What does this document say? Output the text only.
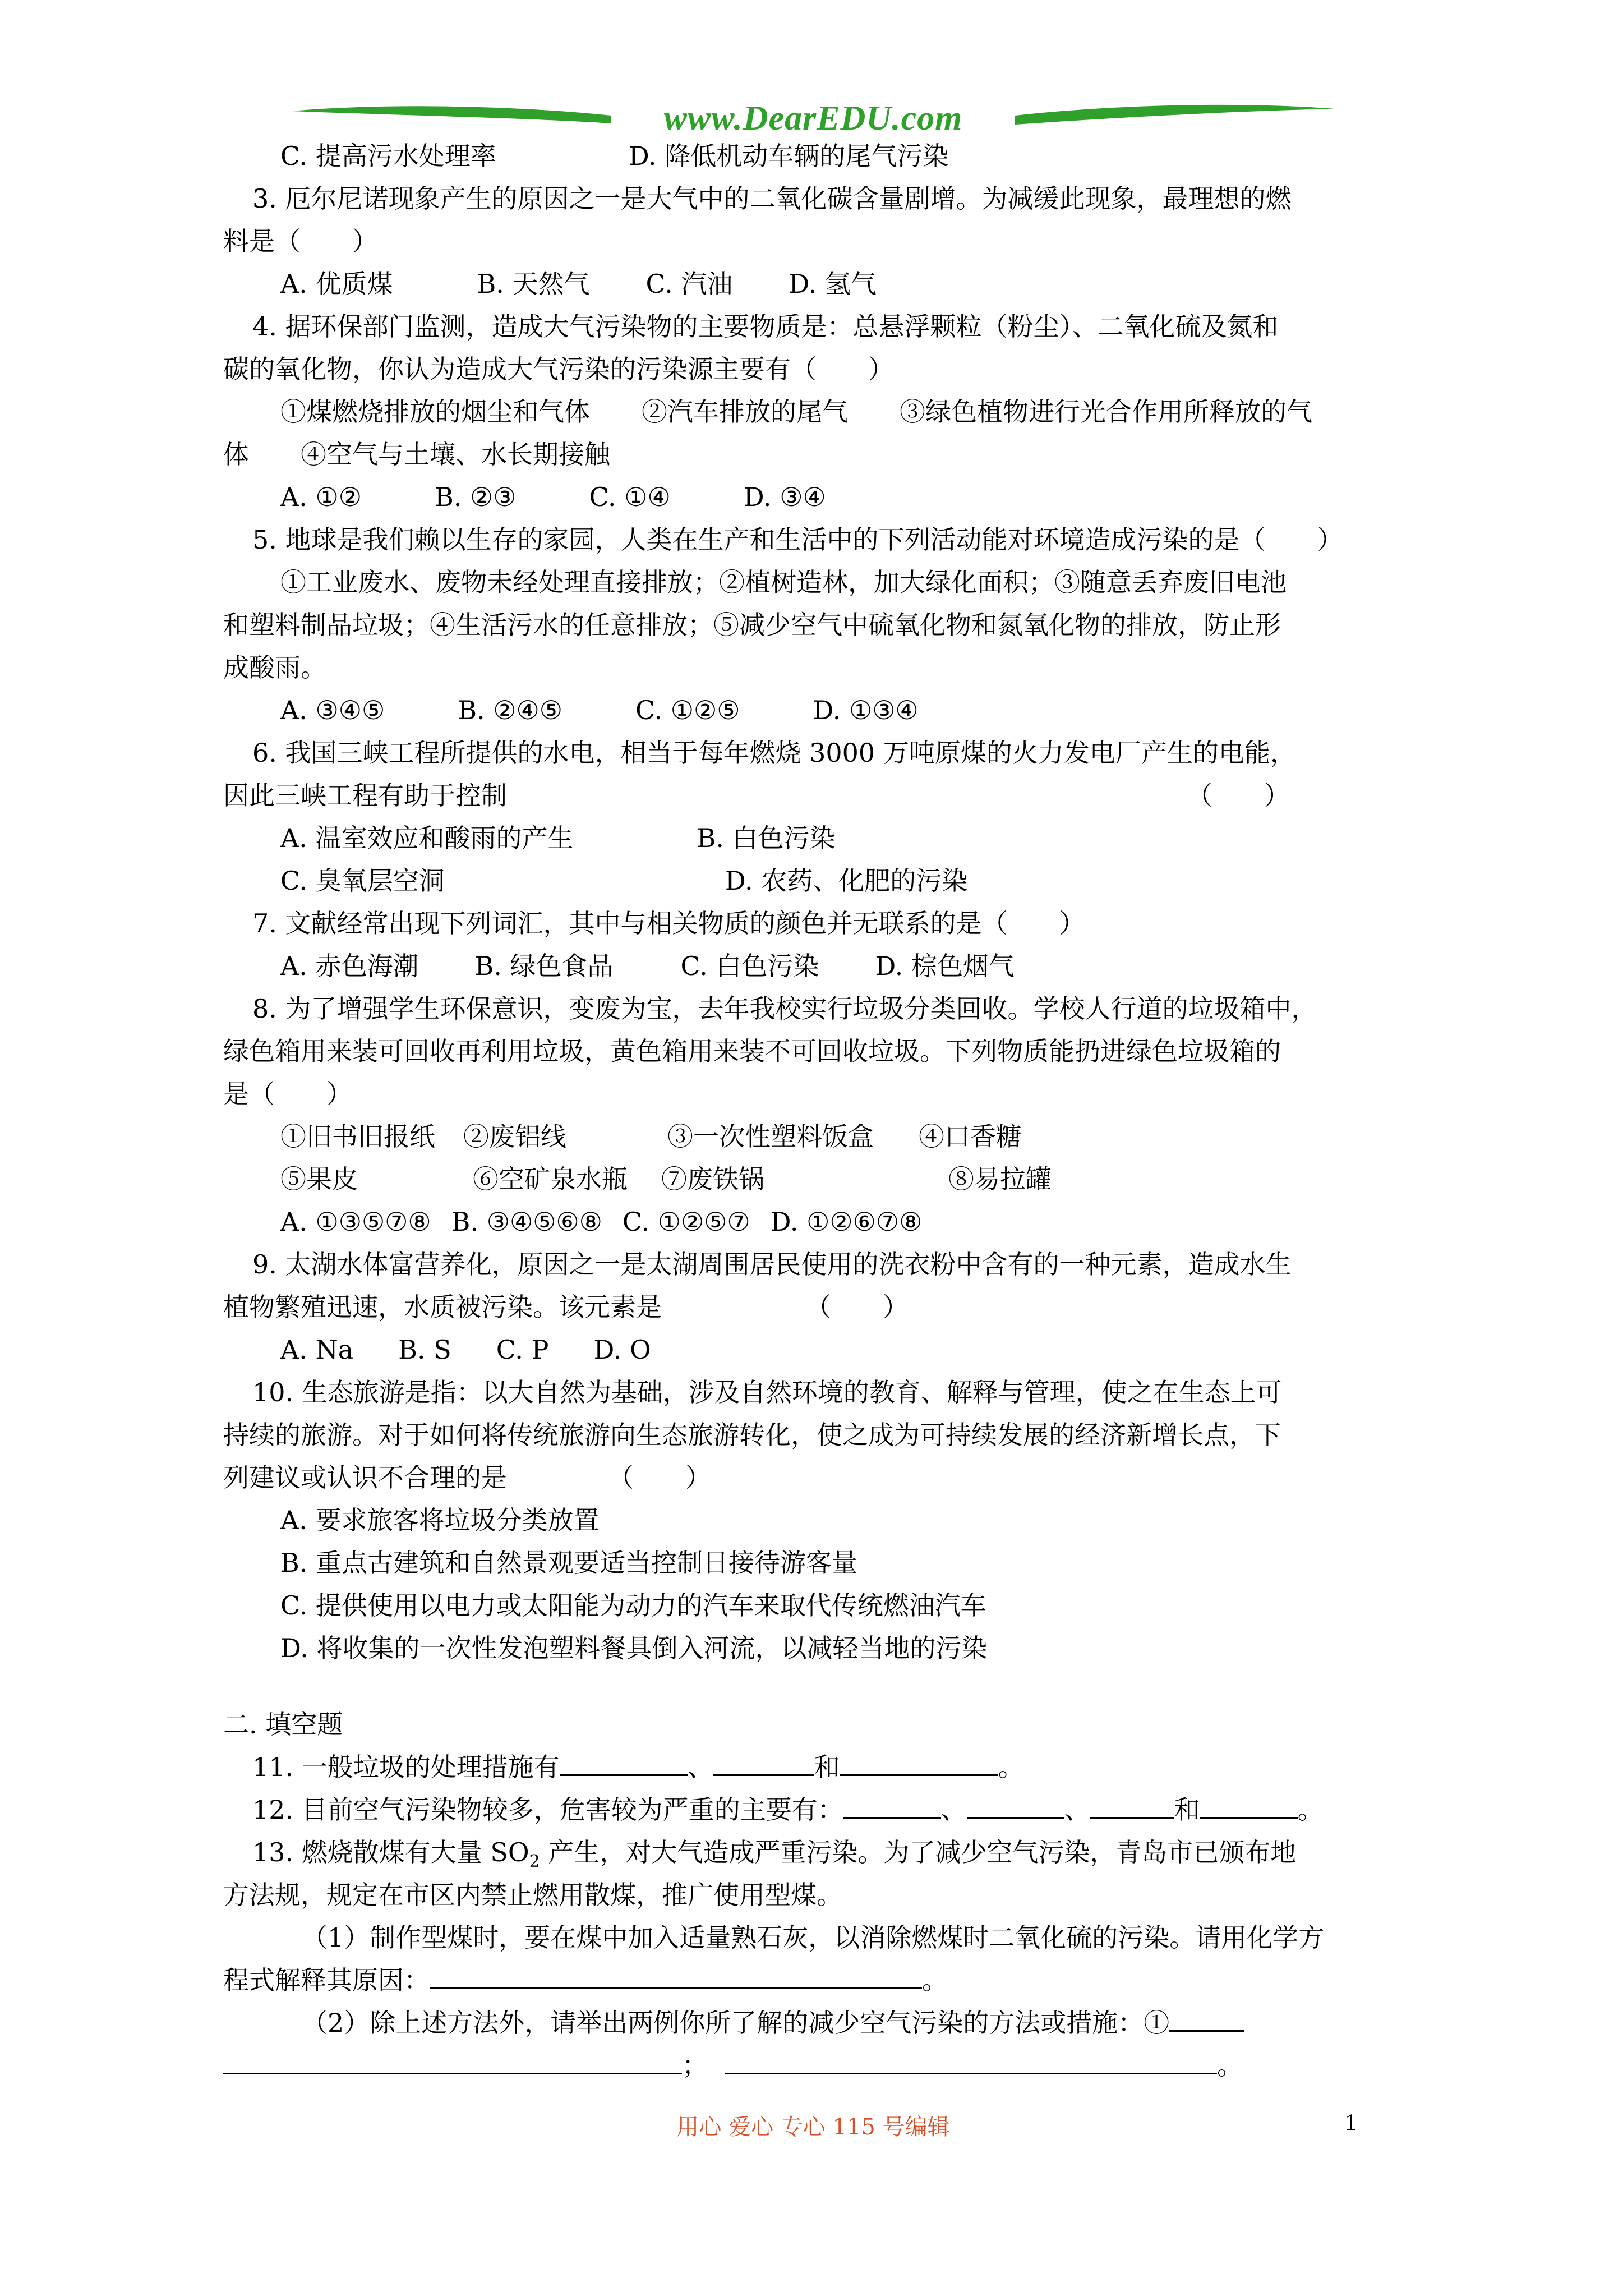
www.DearEDU.com
C. 提高污水处理率	D. 降低机动车辆的尾气污染
3. 厄尔尼诺现象产生的原因之一是大气中的二氧化碳含量剧增。为减缓此现象，最理想的燃
料是（　　）
A. 优质煤	B. 天然气 C. 汽油 D. 氢气
4. 据环保部门监测，造成大气污染物的主要物质是：总悬浮颗粒（粉尘）、二氧化硫及氮和
碳的氧化物，你认为造成大气污染的污染源主要有（　　）
①煤燃烧排放的烟尘和气体　　②汽车排放的尾气　　③绿色植物进行光合作用所释放的气
体　　④空气与土壤、水长期接触
A. ①②	B. ②③	C. ①④	D. ③④
5. 地球是我们赖以生存的家园，人类在生产和生活中的下列活动能对环境造成污染的是（　　）
①工业废水、废物未经处理直接排放；②植树造林，加大绿化面积；③随意丢弃废旧电池
和塑料制品垃圾；④生活污水的任意排放；⑤减少空气中硫氧化物和氮氧化物的排放，防止形
成酸雨。
A. ③④⑤	B. ②④⑤	C. ①②⑤	D. ①③④
6. 我国三峡工程所提供的水电，相当于每年燃烧 3000 万吨原煤的火力发电厂产生的电能，
因此三峡工程有助于控制	（　　）
A. 温室效应和酸雨的产生	B. 白色污染
C. 臭氧层空洞	D. 农药、化肥的污染
7. 文献经常出现下列词汇，其中与相关物质的颜色并无联系的是（　　）
A. 赤色海潮 B. 绿色食品	C. 白色污染 D. 棕色烟气
8. 为了增强学生环保意识，变废为宝，去年我校实行垃圾分类回收。学校人行道的垃圾箱中，
绿色箱用来装可回收再利用垃圾，黄色箱用来装不可回收垃圾。下列物质能扔进绿色垃圾箱的
是（　　）
①旧书旧报纸 ②废铝线	③一次性塑料饭盒 ④口香糖
⑤果皮	⑥空矿泉水瓶 ⑦废铁锅	⑧易拉罐
A. ①③⑤⑦⑧ B. ③④⑤⑥⑧ C. ①②⑤⑦ D. ①②⑥⑦⑧
9. 太湖水体富营养化，原因之一是太湖周围居民使用的洗衣粉中含有的一种元素，造成水生
植物繁殖迅速，水质被污染。该元素是	（　　）
A. Na B. S C. P D. O
10. 生态旅游是指：以大自然为基础，涉及自然环境的教育、解释与管理，使之在生态上可
持续的旅游。对于如何将传统旅游向生态旅游转化，使之成为可持续发展的经济新增长点，下
列建议或认识不合理的是	（　　）
A. 要求旅客将垃圾分类放置
B. 重点古建筑和自然景观要适当控制日接待游客量
C. 提供使用以电力或太阳能为动力的汽车来取代传统燃油汽车
D. 将收集的一次性发泡塑料餐具倒入河流，以减轻当地的污染
二. 填空题
11. 一般垃圾的处理措施有	、	和	。
12. 目前空气污染物较多，危害较为严重的主要有：	、	、	和	。
13. 燃烧散煤有大量 $SO_2$ 产生，对大气造成严重污染。为了减少空气污染，青岛市已颁布地
方法规，规定在市区内禁止燃用散煤，推广使用型煤。
（1）制作型煤时，要在煤中加入适量熟石灰，以消除燃煤时二氧化硫的污染。请用化学方
程式解释其原因：	。
（2）除上述方法外，请举出两例你所了解的减少空气污染的方法或措施：①
；	。
用心 爱心 专心 115 号编辑	1
